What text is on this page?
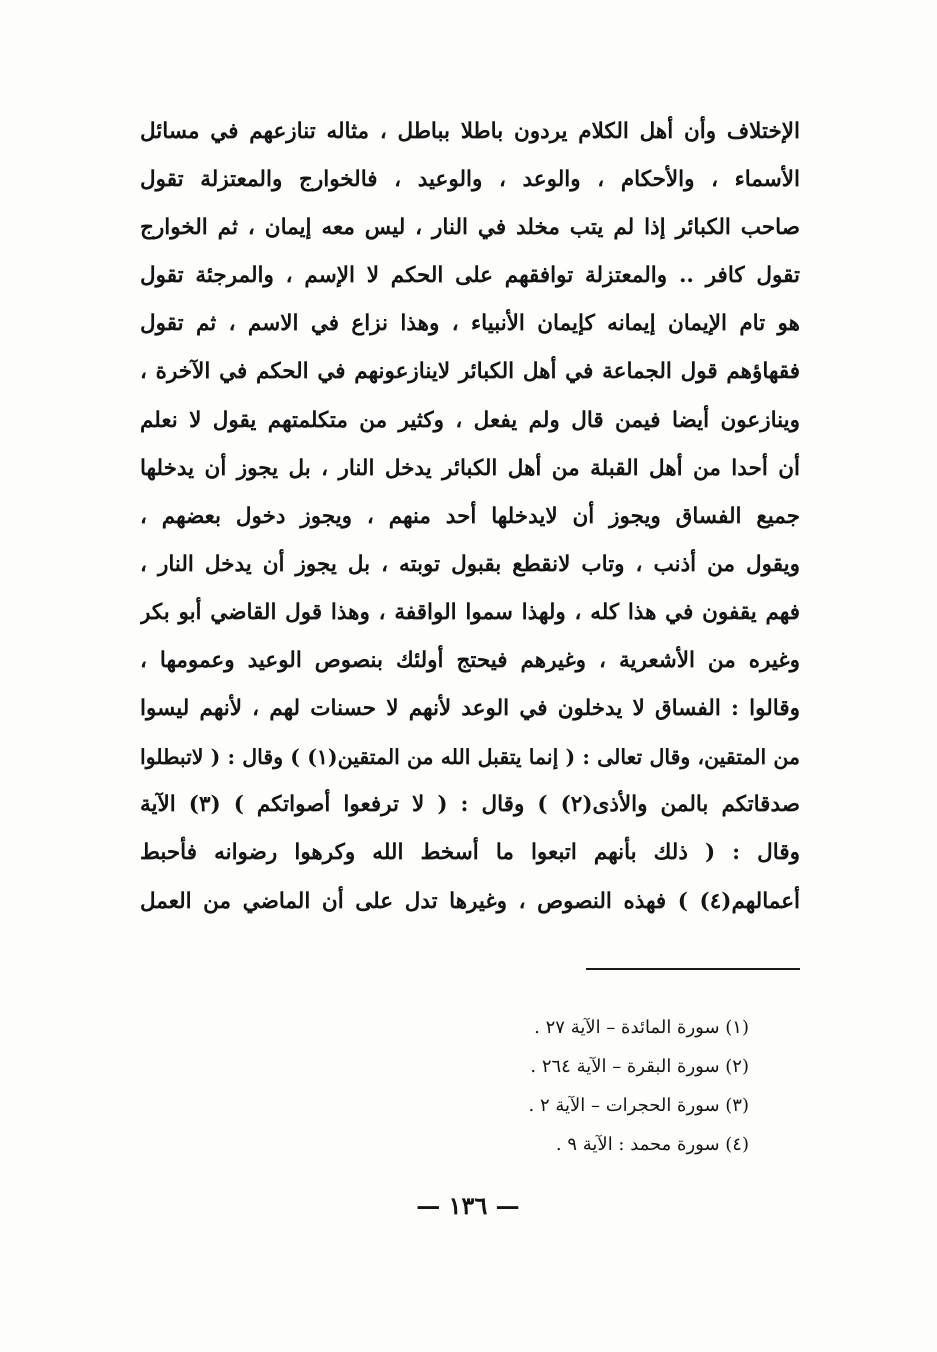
الإختلاف وأن أهل الكلام يردون باطلا بباطل ، مثاله تنازعهم في مسائل
الأسماء ، والأحكام ، والوعد ، والوعيد ، فالخوارج والمعتزلة تقول
صاحب الكبائر إذا لم يتب مخلد في النار ، ليس معه إيمان ، ثم الخوارج
تقول كافر .. والمعتزلة توافقهم على الحكم لا الإسم ، والمرجئة تقول
هو تام الإيمان إيمانه كإيمان الأنبياء ، وهذا نزاع في الاسم ، ثم تقول
فقهاؤهم قول الجماعة في أهل الكبائر لاينازعونهم في الحكم في الآخرة ،
وينازعون أيضا فيمن قال ولم يفعل ، وكثير من متكلمتهم يقول لا نعلم
أن أحدا من أهل القبلة من أهل الكبائر يدخل النار ، بل يجوز أن يدخلها
جميع الفساق ويجوز أن لايدخلها أحد منهم ، ويجوز دخول بعضهم ،
ويقول من أذنب ، وتاب لانقطع بقبول توبته ، بل يجوز أن يدخل النار ،
فهم يقفون في هذا كله ، ولهذا سموا الواقفة ، وهذا قول القاضي أبو بكر
وغيره من الأشعرية ، وغيرهم فيحتج أولئك بنصوص الوعيد وعمومها ،
وقالوا : الفساق لا يدخلون في الوعد لأنهم لا حسنات لهم ، لأنهم ليسوا
من المتقين، وقال تعالى : ( إنما يتقبل الله من المتقين(١) ) وقال : ( لاتبطلوا
صدقاتكم بالمن والأذى(٢) ) وقال : ( لا ترفعوا أصواتكم ) (٣) الآية
وقال : ( ذلك بأنهم اتبعوا ما أسخط الله وكرهوا رضوانه فأحبط
أعمالهم(٤) ) فهذه النصوص ، وغيرها تدل على أن الماضي من العمل
(١) سورة المائدة – الآية ٢٧ .
(٢) سورة البقرة – الآية ٢٦٤ .
(٣) سورة الحجرات – الآية ٢ .
(٤) سورة محمد : الآية ٩ .
— ١٣٦ —
